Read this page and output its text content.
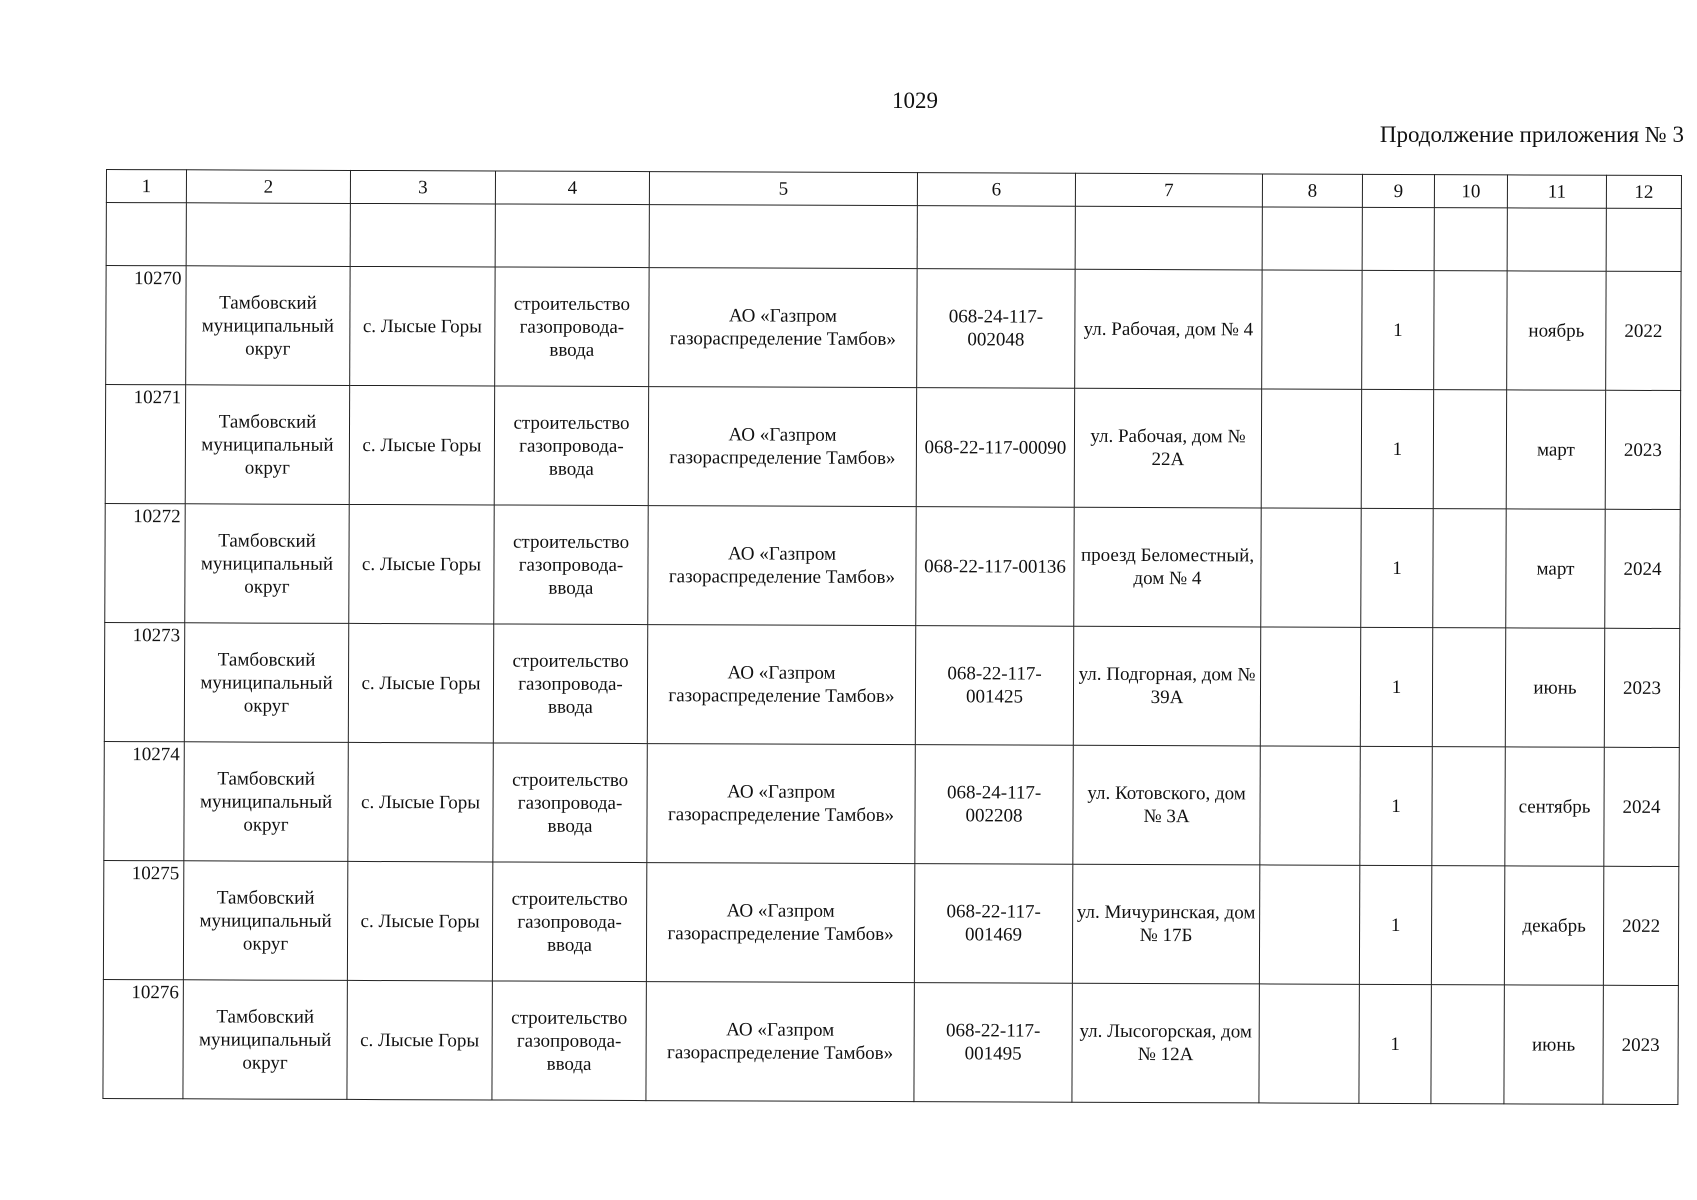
1029
Продолжение приложения № 3
1	2	3	4	5	6	7	8	9	10	11	12

10270	Тамбовский муниципальный округ	с. Лысые Горы	строительство газопровода-ввода	АО «Газпром газораспределение Тамбов»	068-24-117-002048	ул. Рабочая, дом № 4		1		ноябрь	2022
10271	Тамбовский муниципальный округ	с. Лысые Горы	строительство газопровода-ввода	АО «Газпром газораспределение Тамбов»	068-22-117-00090	ул. Рабочая, дом № 22А		1		март	2023
10272	Тамбовский муниципальный округ	с. Лысые Горы	строительство газопровода-ввода	АО «Газпром газораспределение Тамбов»	068-22-117-00136	проезд Беломестный, дом № 4		1		март	2024
10273	Тамбовский муниципальный округ	с. Лысые Горы	строительство газопровода-ввода	АО «Газпром газораспределение Тамбов»	068-22-117-001425	ул. Подгорная, дом № 39А		1		июнь	2023
10274	Тамбовский муниципальный округ	с. Лысые Горы	строительство газопровода-ввода	АО «Газпром газораспределение Тамбов»	068-24-117-002208	ул. Котовского, дом № 3А		1		сентябрь	2024
10275	Тамбовский муниципальный округ	с. Лысые Горы	строительство газопровода-ввода	АО «Газпром газораспределение Тамбов»	068-22-117-001469	ул. Мичуринская, дом № 17Б		1		декабрь	2022
10276	Тамбовский муниципальный округ	с. Лысые Горы	строительство газопровода-ввода	АО «Газпром газораспределение Тамбов»	068-22-117-001495	ул. Лысогорская, дом № 12А		1		июнь	2023
